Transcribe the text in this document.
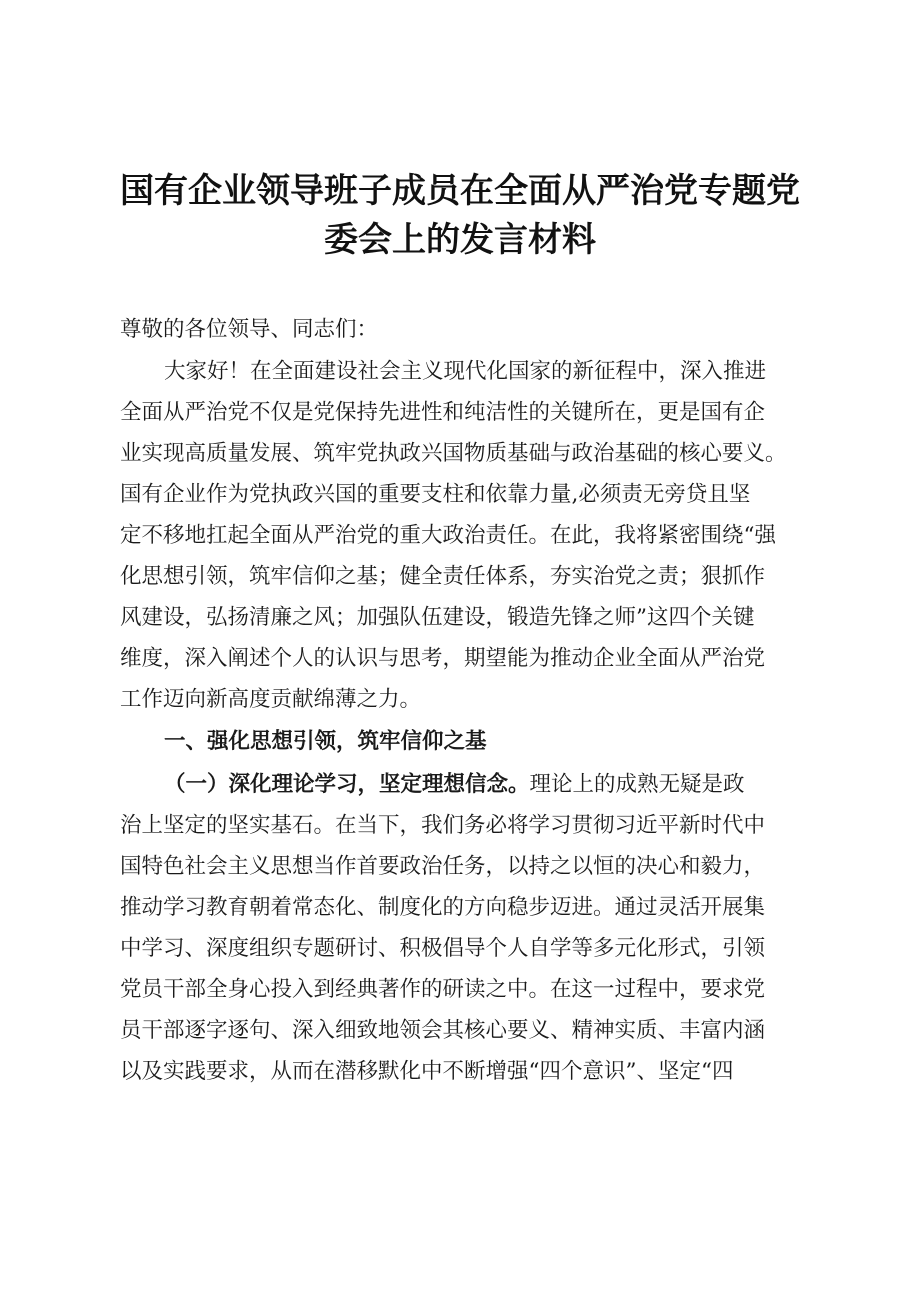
国有企业领导班子成员在全面从严治党专题党
委会上的发言材料
尊敬的各位领导、同志们：
大家好！在全面建设社会主义现代化国家的新征程中，深入推进
全面从严治党不仅是党保持先进性和纯洁性的关键所在，更是国有企
业实现高质量发展、筑牢党执政兴国物质基础与政治基础的核心要义。
国有企业作为党执政兴国的重要支柱和依靠力量,必须责无旁贷且坚
定不移地扛起全面从严治党的重大政治责任。在此，我将紧密围绕“强
化思想引领，筑牢信仰之基；健全责任体系，夯实治党之责；狠抓作
风建设，弘扬清廉之风；加强队伍建设，锻造先锋之师”这四个关键
维度，深入阐述个人的认识与思考，期望能为推动企业全面从严治党
工作迈向新高度贡献绵薄之力。
一、强化思想引领，筑牢信仰之基
（一）深化理论学习，坚定理想信念。理论上的成熟无疑是政
治上坚定的坚实基石。在当下，我们务必将学习贯彻习近平新时代中
国特色社会主义思想当作首要政治任务，以持之以恒的决心和毅力，
推动学习教育朝着常态化、制度化的方向稳步迈进。通过灵活开展集
中学习、深度组织专题研讨、积极倡导个人自学等多元化形式，引领
党员干部全身心投入到经典著作的研读之中。在这一过程中，要求党
员干部逐字逐句、深入细致地领会其核心要义、精神实质、丰富内涵
以及实践要求，从而在潜移默化中不断增强“四个意识”、坚定“四
